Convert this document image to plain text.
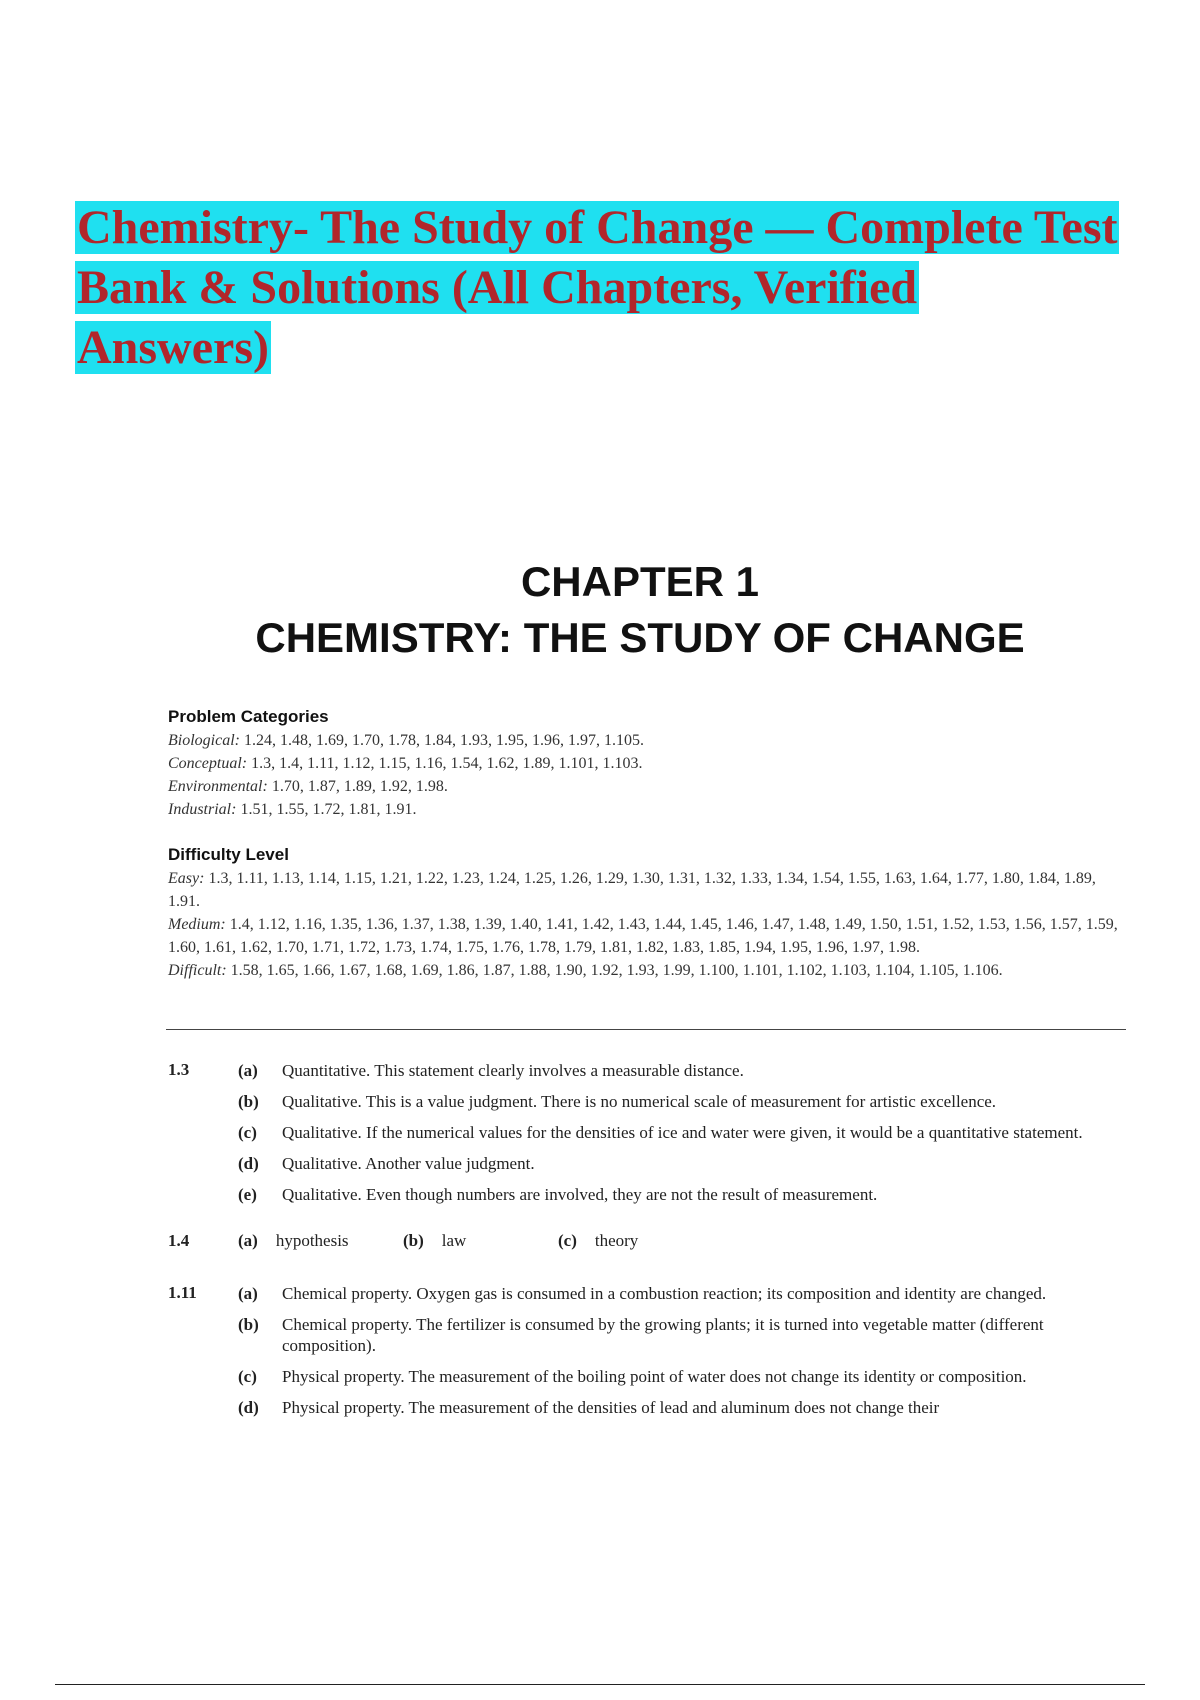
Chemistry- The Study of Change — Complete Test Bank & Solutions (All Chapters, Verified Answers)
CHAPTER 1
CHEMISTRY: THE STUDY OF CHANGE
Problem Categories
Biological: 1.24, 1.48, 1.69, 1.70, 1.78, 1.84, 1.93, 1.95, 1.96, 1.97, 1.105.
Conceptual: 1.3, 1.4, 1.11, 1.12, 1.15, 1.16, 1.54, 1.62, 1.89, 1.101, 1.103.
Environmental: 1.70, 1.87, 1.89, 1.92, 1.98.
Industrial: 1.51, 1.55, 1.72, 1.81, 1.91.
Difficulty Level
Easy: 1.3, 1.11, 1.13, 1.14, 1.15, 1.21, 1.22, 1.23, 1.24, 1.25, 1.26, 1.29, 1.30, 1.31, 1.32, 1.33, 1.34, 1.54, 1.55, 1.63, 1.64, 1.77, 1.80, 1.84, 1.89, 1.91.
Medium: 1.4, 1.12, 1.16, 1.35, 1.36, 1.37, 1.38, 1.39, 1.40, 1.41, 1.42, 1.43, 1.44, 1.45, 1.46, 1.47, 1.48, 1.49, 1.50, 1.51, 1.52, 1.53, 1.56, 1.57, 1.59, 1.60, 1.61, 1.62, 1.70, 1.71, 1.72, 1.73, 1.74, 1.75, 1.76, 1.78, 1.79, 1.81, 1.82, 1.83, 1.85, 1.94, 1.95, 1.96, 1.97, 1.98.
Difficult: 1.58, 1.65, 1.66, 1.67, 1.68, 1.69, 1.86, 1.87, 1.88, 1.90, 1.92, 1.93, 1.99, 1.100, 1.101, 1.102, 1.103, 1.104, 1.105, 1.106.
1.3	(a) Quantitative. This statement clearly involves a measurable distance.
(b) Qualitative. This is a value judgment. There is no numerical scale of measurement for artistic excellence.
(c) Qualitative. If the numerical values for the densities of ice and water were given, it would be a quantitative statement.
(d) Qualitative. Another value judgment.
(e) Qualitative. Even though numbers are involved, they are not the result of measurement.
1.4	(a) hypothesis	(b) law	(c) theory
1.11	(a) Chemical property. Oxygen gas is consumed in a combustion reaction; its composition and identity are changed.
(b) Chemical property. The fertilizer is consumed by the growing plants; it is turned into vegetable matter (different composition).
(c) Physical property. The measurement of the boiling point of water does not change its identity or composition.
(d) Physical property. The measurement of the densities of lead and aluminum does not change their
